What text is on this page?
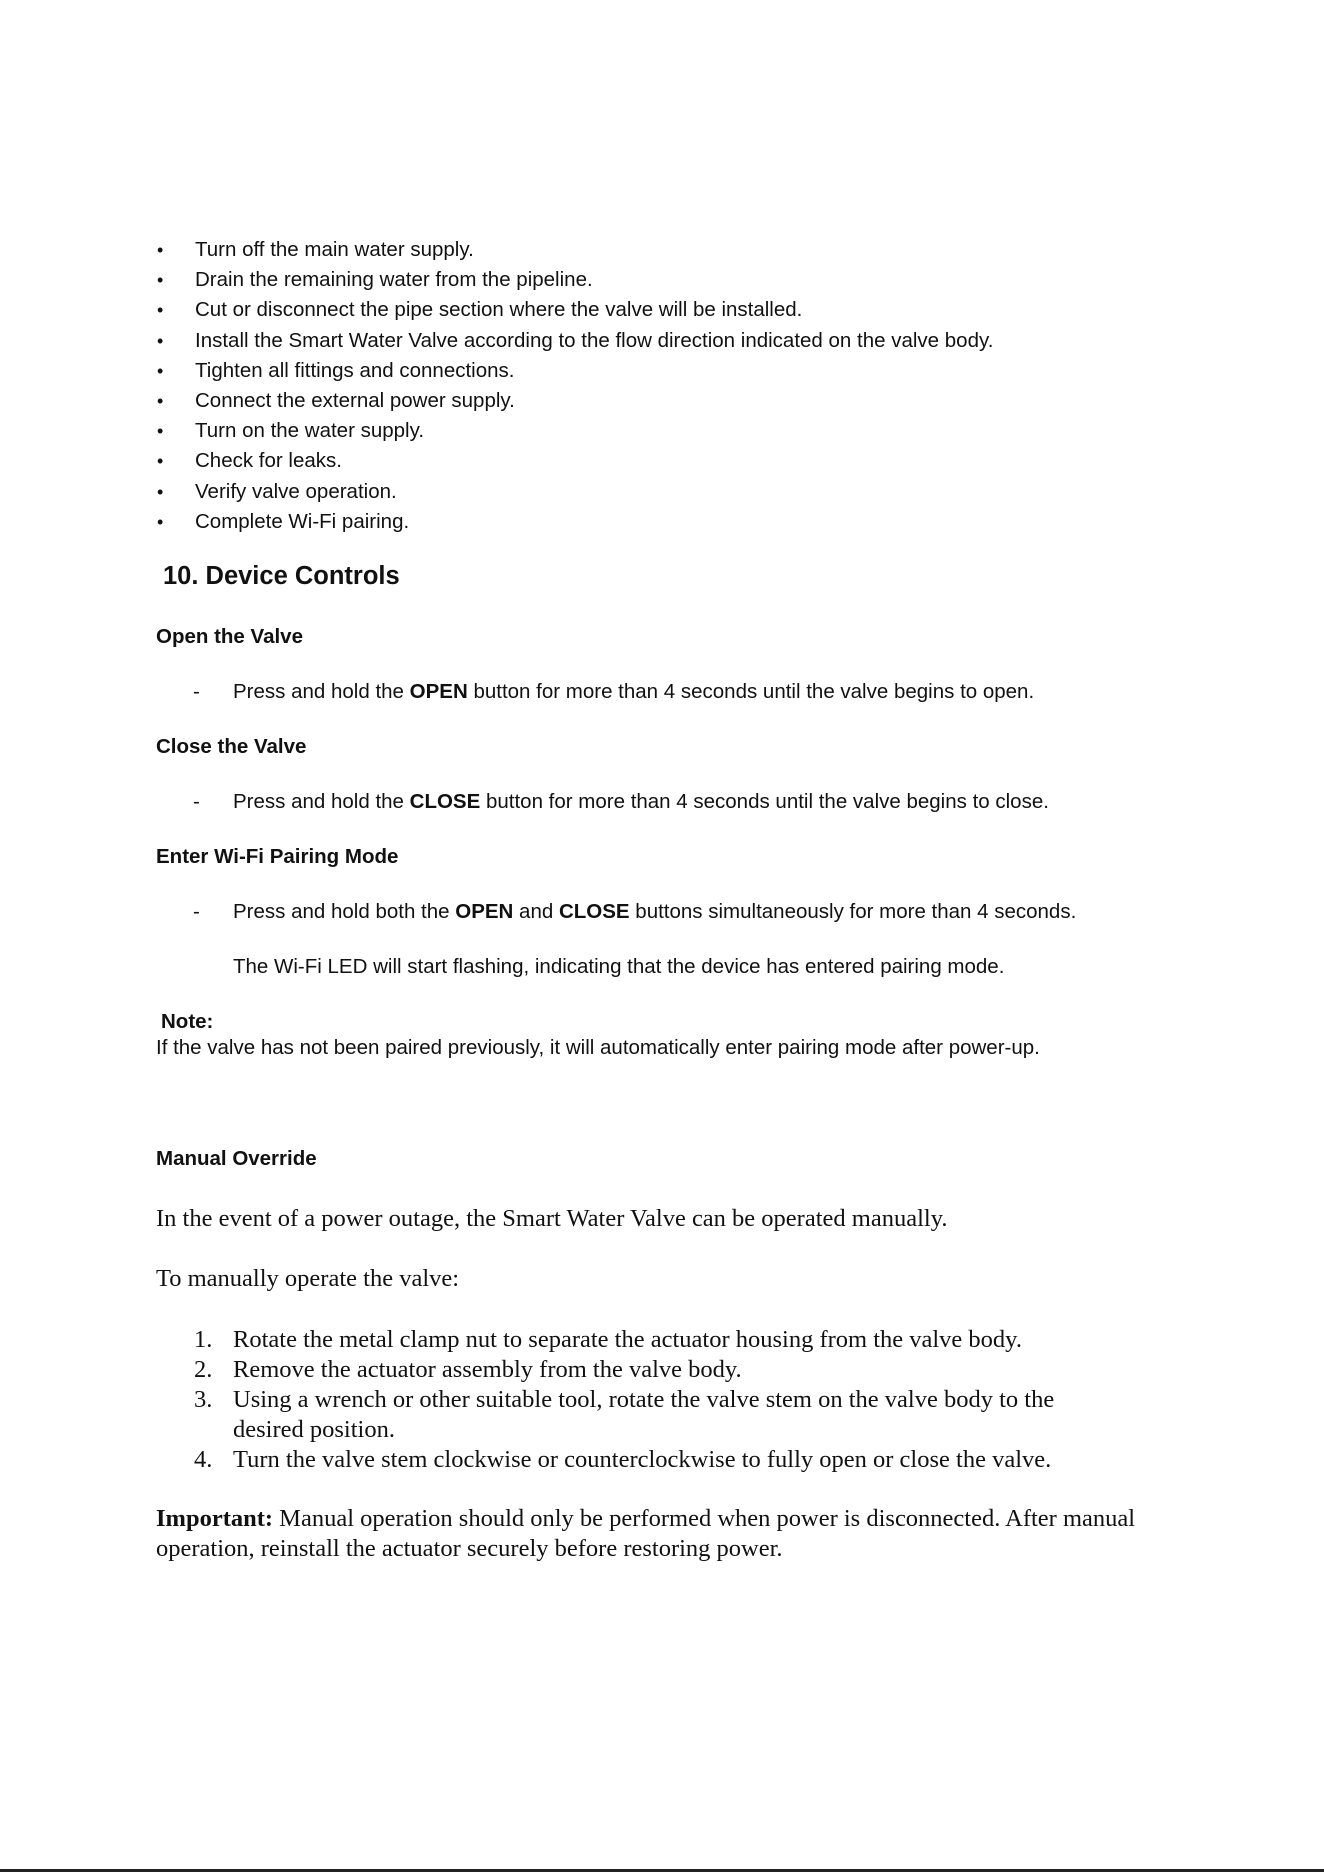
• Turn off the main water supply.
• Drain the remaining water from the pipeline.
• Cut or disconnect the pipe section where the valve will be installed.
• Install the Smart Water Valve according to the flow direction indicated on the valve body.
• Tighten all fittings and connections.
• Connect the external power supply.
• Turn on the water supply.
• Check for leaks.
• Verify valve operation.
• Complete Wi-Fi pairing.
10. Device Controls
Open the Valve
- Press and hold the OPEN button for more than 4 seconds until the valve begins to open.
Close the Valve
- Press and hold the CLOSE button for more than 4 seconds until the valve begins to close.
Enter Wi-Fi Pairing Mode
- Press and hold both the OPEN and CLOSE buttons simultaneously for more than 4 seconds.
The Wi-Fi LED will start flashing, indicating that the device has entered pairing mode.
Note:
If the valve has not been paired previously, it will automatically enter pairing mode after power-up.
Manual Override
In the event of a power outage, the Smart Water Valve can be operated manually.
To manually operate the valve:
1. Rotate the metal clamp nut to separate the actuator housing from the valve body.
2. Remove the actuator assembly from the valve body.
3. Using a wrench or other suitable tool, rotate the valve stem on the valve body to the
desired position.
4. Turn the valve stem clockwise or counterclockwise to fully open or close the valve.
Important: Manual operation should only be performed when power is disconnected. After manual operation, reinstall the actuator securely before restoring power.
